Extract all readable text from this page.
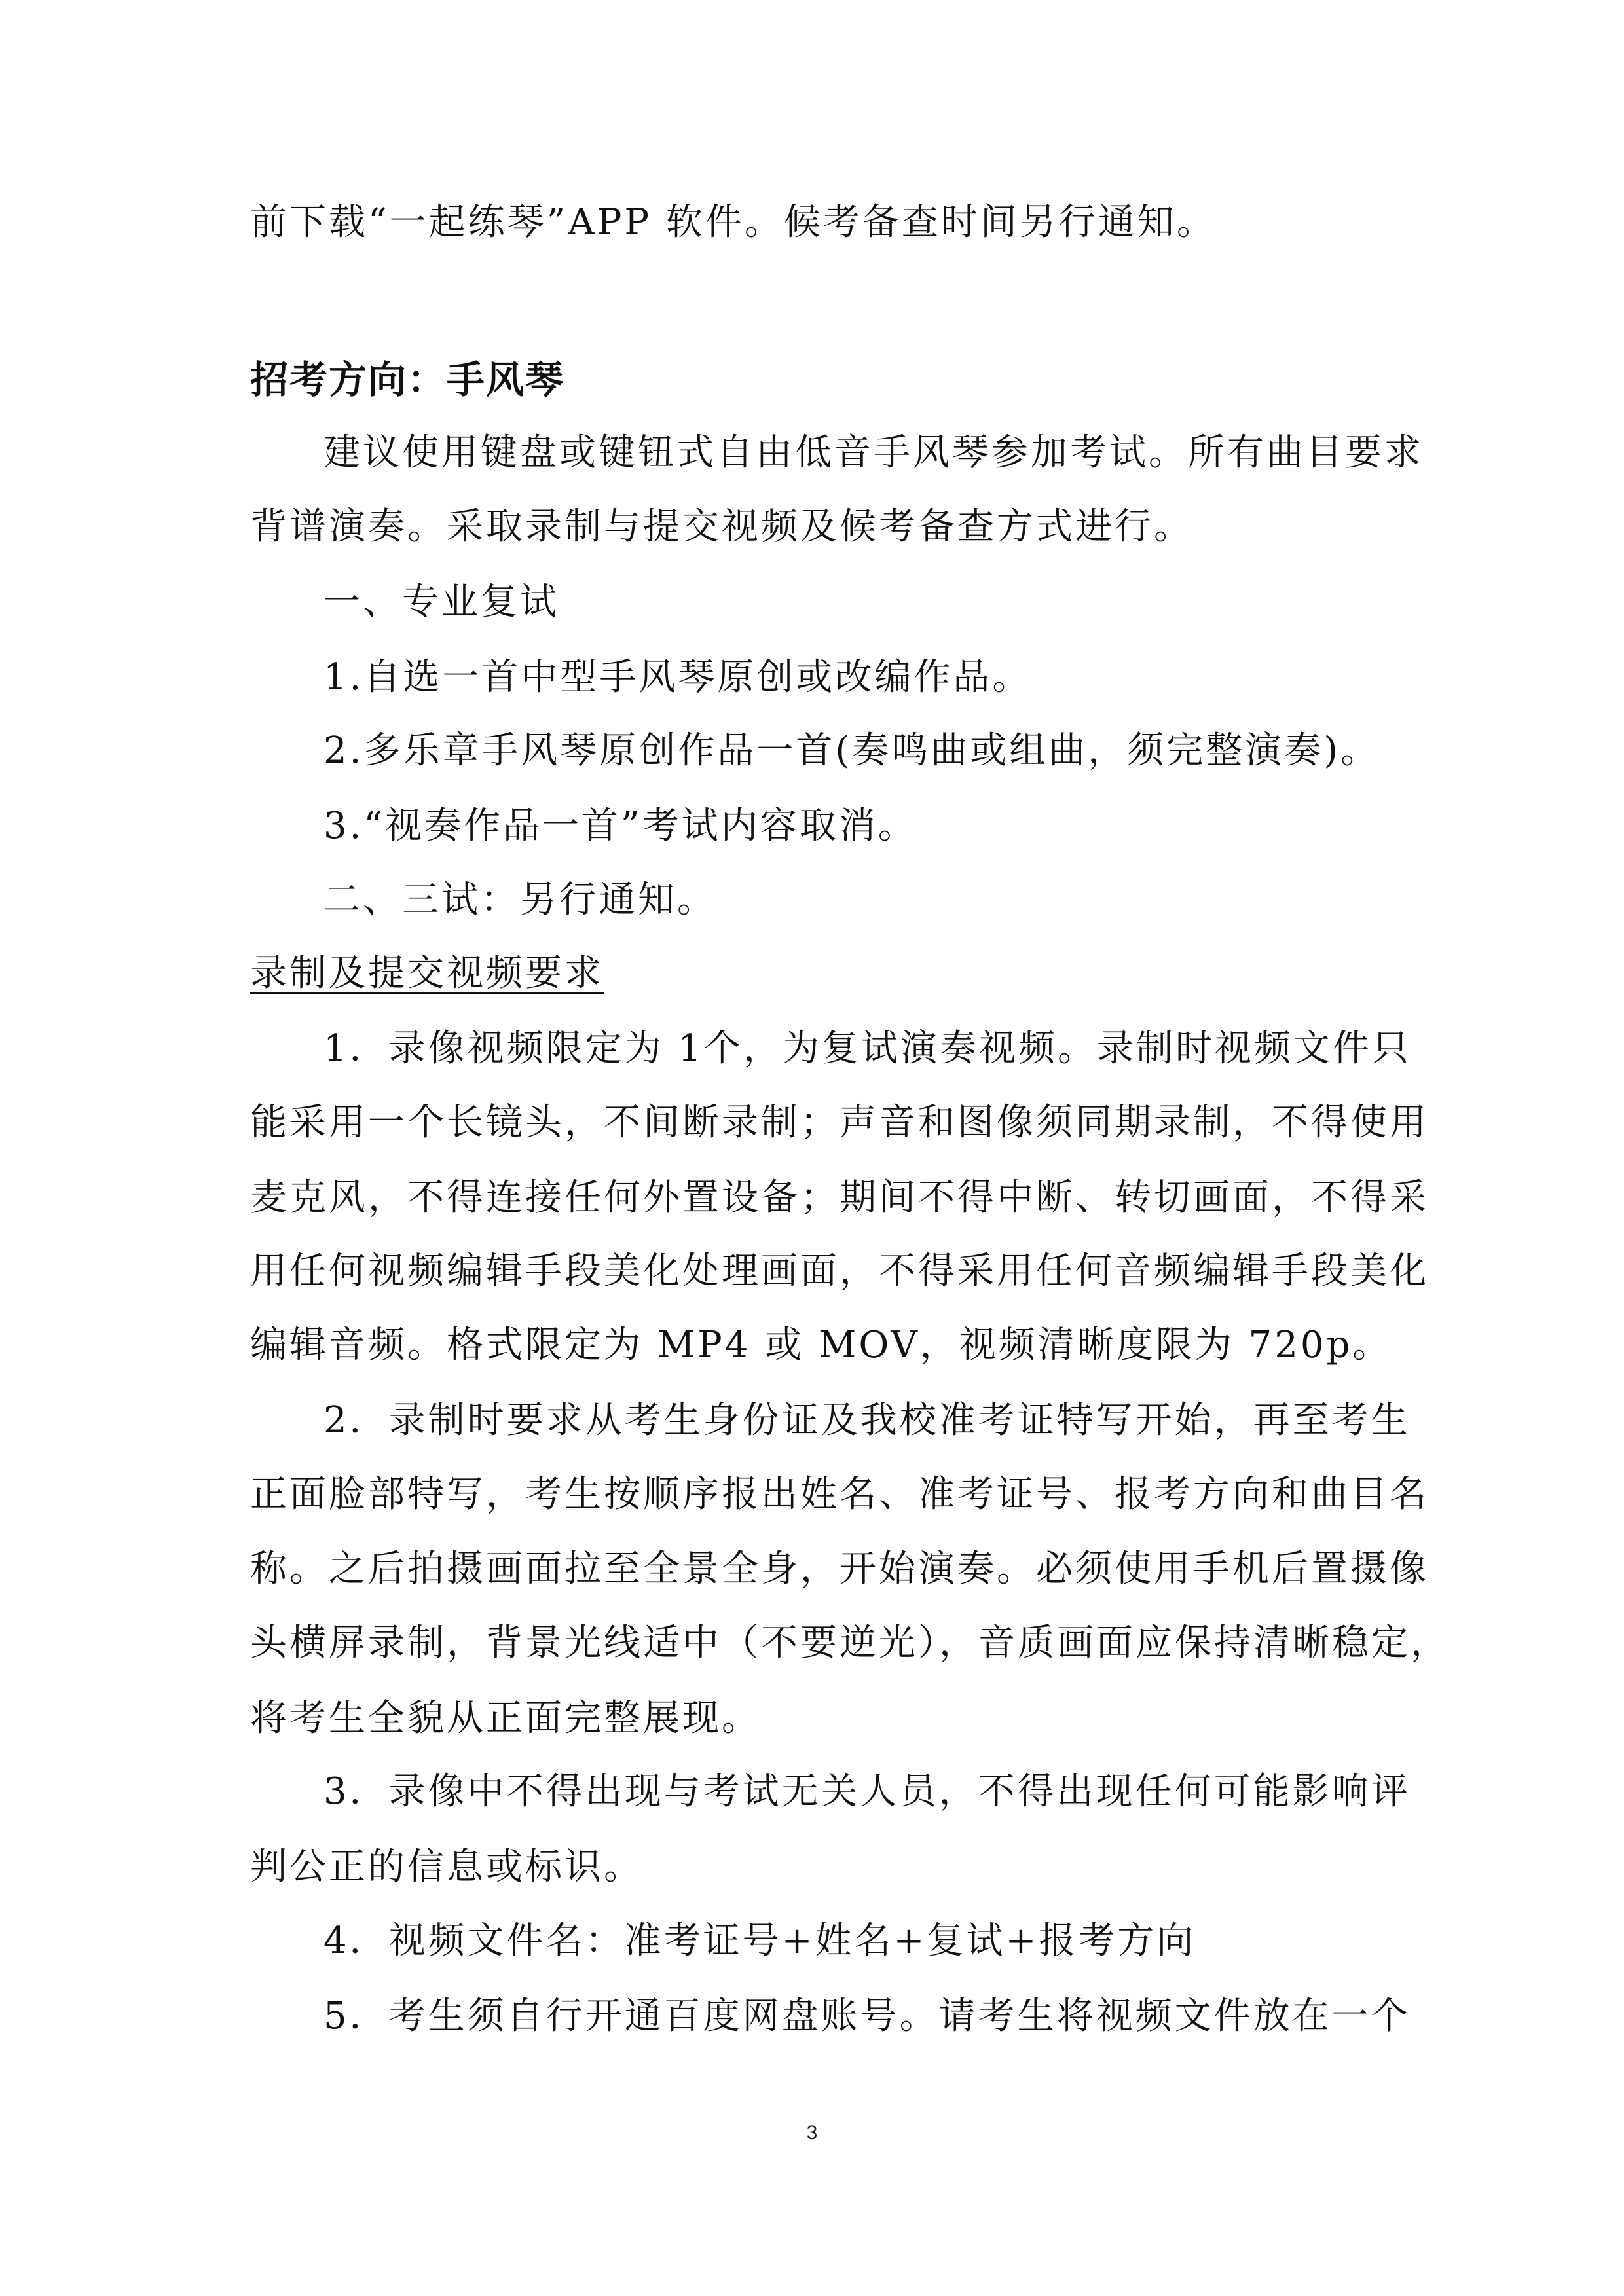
前下载“一起练琴”APP 软件。候考备查时间另行通知。
招考方向：手风琴
建议使用键盘或键钮式自由低音手风琴参加考试。所有曲目要求
背谱演奏。采取录制与提交视频及候考备查方式进行。
一、专业复试
1.自选一首中型手风琴原创或改编作品。
2.多乐章手风琴原创作品一首(奏鸣曲或组曲，须完整演奏)。
3.“视奏作品一首”考试内容取消。
二、三试：另行通知。
录制及提交视频要求
1．录像视频限定为 1个，为复试演奏视频。录制时视频文件只
能采用一个长镜头，不间断录制；声音和图像须同期录制，不得使用
麦克风，不得连接任何外置设备；期间不得中断、转切画面，不得采
用任何视频编辑手段美化处理画面，不得采用任何音频编辑手段美化
编辑音频。格式限定为 MP4 或 MOV，视频清晰度限为 720p。
2．录制时要求从考生身份证及我校准考证特写开始，再至考生
正面脸部特写，考生按顺序报出姓名、准考证号、报考方向和曲目名
称。之后拍摄画面拉至全景全身，开始演奏。必须使用手机后置摄像
头横屏录制，背景光线适中（不要逆光），音质画面应保持清晰稳定，
将考生全貌从正面完整展现。
3．录像中不得出现与考试无关人员，不得出现任何可能影响评
判公正的信息或标识。
4．视频文件名：准考证号+姓名+复试+报考方向
5．考生须自行开通百度网盘账号。请考生将视频文件放在一个
3
